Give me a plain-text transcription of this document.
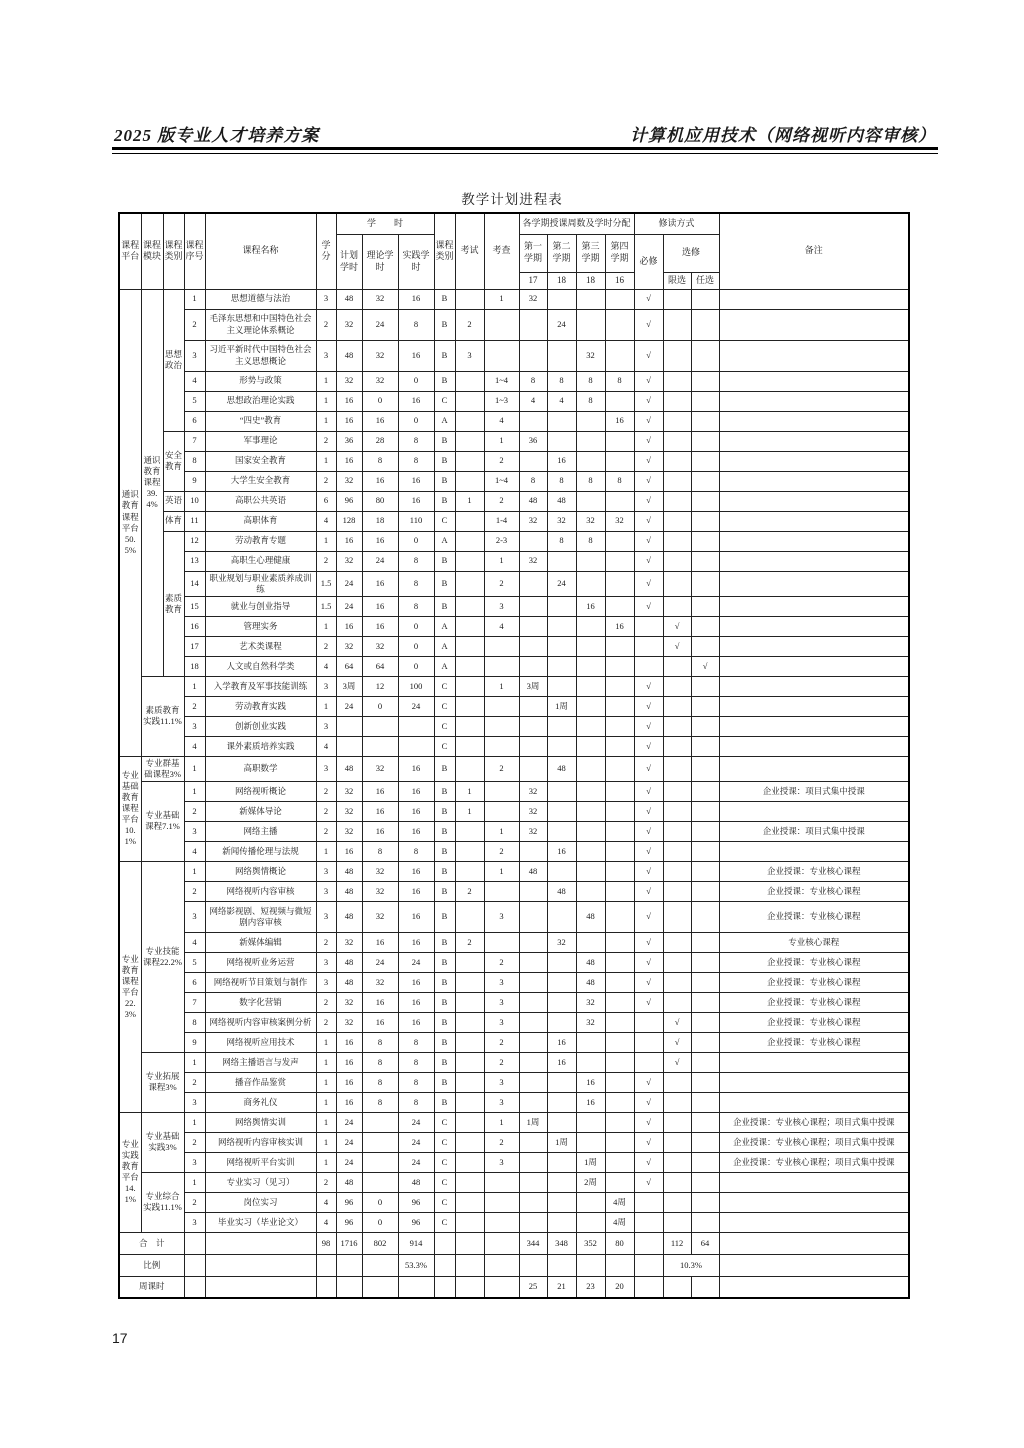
2025 版专业人才培养方案	计算机应用技术（网络视听内容审核）
教学计划进程表
课程平台	课程模块	课程类别	课程序号	课程名称	学分	学　　时			课程类别	考试	考查	各学期授课周数及学时分配				修读方式			备注
						计划学时	理论学时	实践学时				第一学期	第二学期	第三学期	第四学期	必修	选修		
												17	18	18	16		限选	任选	
通识教育课程平台50.5%	通识教育课程39.4%	思想政治	1	思想道德与法治	3	48	32	16	B		1	32				√			
			2	毛泽东思想和中国特色社会主义理论体系概论	2	32	24	8	B	2			24			√			
			3	习近平新时代中国特色社会主义思想概论	3	48	32	16	B	3				32		√			
			4	形势与政策	1	32	32	0	B		1~4	8	8	8	8	√			
			5	思想政治理论实践	1	16	0	16	C		1~3	4	4	8		√			
			6	“四史”教育	1	16	16	0	A		4				16	√			
		安全教育	7	军事理论	2	36	28	8	B		1	36				√			
			8	国家安全教育	1	16	8	8	B		2		16			√			
			9	大学生安全教育	2	32	16	16	B		1~4	8	8	8	8	√			
		英语	10	高职公共英语	6	96	80	16	B	1	2	48	48			√			
		体育	11	高职体育	4	128	18	110	C		1-4	32	32	32	32	√			
		素质教育	12	劳动教育专题	1	16	16	0	A		2-3		8	8		√			
			13	高职生心理健康	2	32	24	8	B		1	32				√			
			14	职业规划与职业素质养成训练	1.5	24	16	8	B		2		24			√			
			15	就业与创业指导	1.5	24	16	8	B		3			16		√			
			16	管理实务	1	16	16	0	A		4				16		√		
			17	艺术类课程	2	32	32	0	A								√		
			18	人文或自然科学类	4	64	64	0	A									√	
	素质教育实践11.1%		1	入学教育及军事技能训练	3	3周	12	100	C		1	3周				√			
			2	劳动教育实践	1	24	0	24	C				1周			√			
			3	创新创业实践	3				C							√			
			4	课外素质培养实践	4				C							√			
专业基础教育课程平台10.1%	专业群基础课程3%		1	高职数学	3	48	32	16	B		2		48			√			
	专业基础课程7.1%		1	网络视听概论	2	32	16	16	B	1		32				√			企业授课：项目式集中授课
			2	新媒体导论	2	32	16	16	B	1		32				√			
			3	网络主播	2	32	16	16	B		1	32				√			企业授课：项目式集中授课
			4	新闻传播伦理与法规	1	16	8	8	B		2		16			√			
专业教育课程平台22.3%	专业技能课程22.2%		1	网络舆情概论	3	48	32	16	B		1	48				√			企业授课：专业核心课程
			2	网络视听内容审核	3	48	32	16	B	2			48			√			企业授课：专业核心课程
			3	网络影视剧、短视频与微短剧内容审核	3	48	32	16	B		3			48		√			企业授课：专业核心课程
			4	新媒体编辑	2	32	16	16	B	2			32			√			专业核心课程
			5	网络视听业务运营	3	48	24	24	B		2			48		√			企业授课：专业核心课程
			6	网络视听节目策划与制作	3	48	32	16	B		3			48		√			企业授课：专业核心课程
			7	数字化营销	2	32	16	16	B		3			32		√			企业授课：专业核心课程
			8	网络视听内容审核案例分析	2	32	16	16	B		3			32			√		企业授课：专业核心课程
			9	网络视听应用技术	1	16	8	8	B		2		16				√		企业授课：专业核心课程
	专业拓展课程3%		1	网络主播语言与发声	1	16	8	8	B		2		16				√		
			2	播音作品鉴赏	1	16	8	8	B		3			16		√			
			3	商务礼仪	1	16	8	8	B		3			16		√			
专业实践教育平台14.1%	专业基础实践3%		1	网络舆情实训	1	24		24	C		1	1周				√			企业授课：专业核心课程；项目式集中授课
			2	网络视听内容审核实训	1	24		24	C		2		1周			√			企业授课：专业核心课程；项目式集中授课
			3	网络视听平台实训	1	24		24	C		3			1周		√			企业授课：专业核心课程；项目式集中授课
	专业综合实践11.1%		1	专业实习（见习）	2	48		48	C					2周		√			
			2	岗位实习	4	96	0	96	C						4周				
			3	毕业实习（毕业论文）	4	96	0	96	C						4周				
合　计					98	1716	802	914				344	348	352	80		112	64	
比例								53.3%									10.3%		
周课时												25	21	23	20				
17
